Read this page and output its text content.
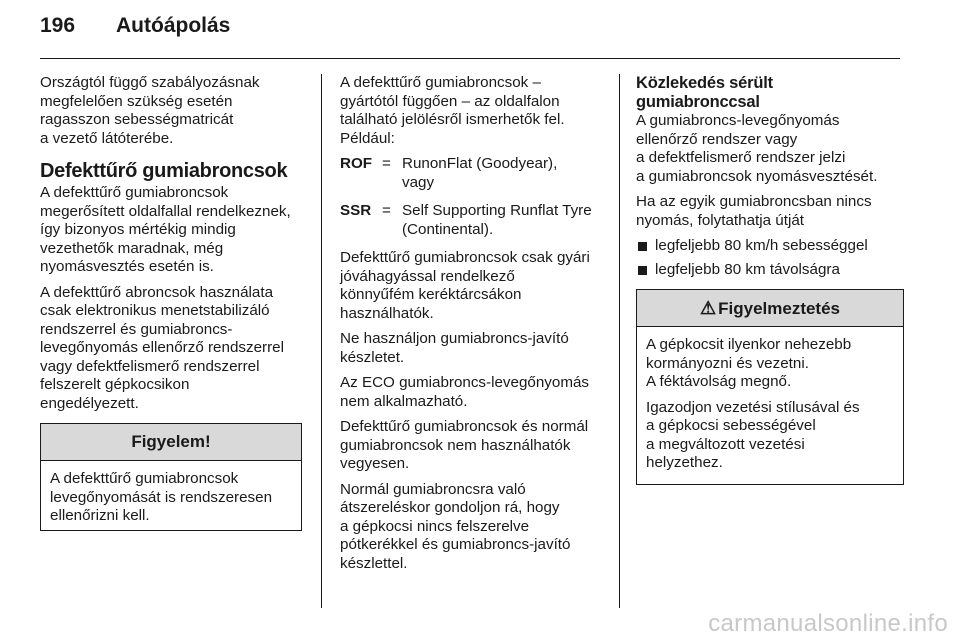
196	Autóápolás

Országtól függő szabályozásnak
megfelelően szükség esetén
ragasszon sebességmatricát
a vezető látóterébe.

Defekttűrő gumiabroncsok

A defekttűrő gumiabroncsok
megerősített oldalfallal rendelkeznek,
így bizonyos mértékig mindig
vezethetők maradnak, még
nyomásvesztés esetén is.

A defekttűrő abroncsok használata
csak elektronikus menetstabilizáló
rendszerrel és gumiabroncs-
levegőnyomás ellenőrző rendszerrel
vagy defektfelismerő rendszerrel
felszerelt gépkocsikon
engedélyezett.

Figyelem!
A defekttűrő gumiabroncsok
levegőnyomását is rendszeresen
ellenőrizni kell.

A defekttűrő gumiabroncsok –
gyártótól függően – az oldalfalon
található jelölésről ismerhetők fel.
Például:

ROF = RunonFlat (Goodyear),
vagy
SSR = Self Supporting Runflat Tyre
(Continental).

Defekttűrő gumiabroncsok csak gyári
jóváhagyással rendelkező
könnyűfém keréktárcsákon
használhatók.

Ne használjon gumiabroncs-javító
készletet.

Az ECO gumiabroncs-levegőnyomás
nem alkalmazható.

Defekttűrő gumiabroncsok és normál
gumiabroncsok nem használhatók
vegyesen.

Normál gumiabroncsra való
átszereléskor gondoljon rá, hogy
a gépkocsi nincs felszerelve
pótkerékkel és gumiabroncs-javító
készlettel.

Közlekedés sérült
gumiabronccsal

A gumiabroncs-levegőnyomás
ellenőrző rendszer vagy
a defektfelismerő rendszer jelzi
a gumiabroncsok nyomásvesztését.

Ha az egyik gumiabroncsban nincs
nyomás, folytathatja útját

legfeljebb 80 km/h sebességgel
legfeljebb 80 km távolságra
⚠ Figyelmeztetés

A gépkocsit ilyenkor nehezebb
kormányozni és vezetni.
A féktávolság megnő.

Igazodjon vezetési stílusával és
a gépkocsi sebességével
a megváltozott vezetési
helyzethez.

carmanualsonline.info
